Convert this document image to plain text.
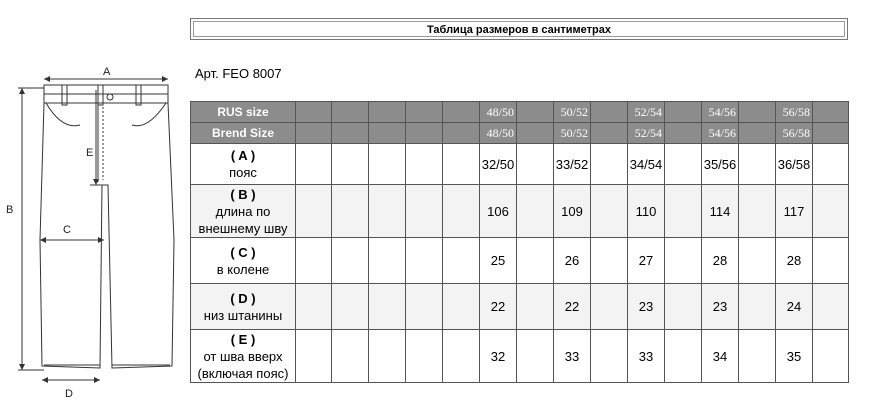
Таблица размеров в сантиметрах
Арт. FEO 8007
A
B
C
D
E
RUS size						48/50		50/52		52/54		54/56		56/58	
Brend Size						48/50		50/52		52/54		54/56		56/58	

( A )
пояс						32/50		33/52		34/54		35/56		36/58	

( B )
длина по
внешнему шву						106		109		110		114		117	

( C )
в колене						25		26		27		28		28	

( D )
низ штанины						22		22		23		23		24	

( E )
от шва вверх
(включая пояс)						32		33		33		34		35	
